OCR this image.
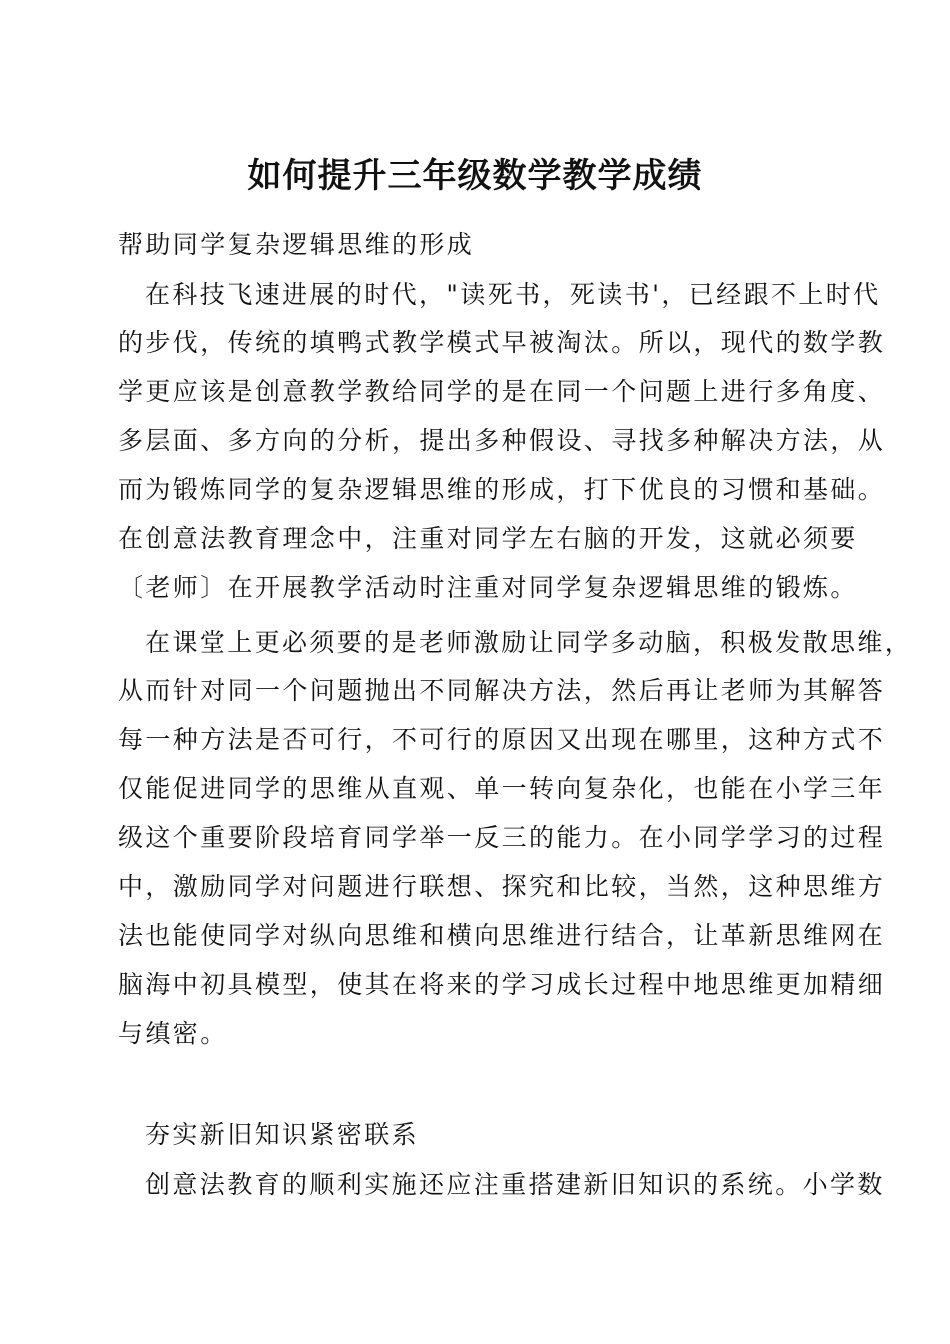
如何提升三年级数学教学成绩
帮助同学复杂逻辑思维的形成
在科技飞速进展的时代，"读死书，死读书'，已经跟不上时代
的步伐，传统的填鸭式教学模式早被淘汰。所以，现代的数学教
学更应该是创意教学教给同学的是在同一个问题上进行多角度、
多层面、多方向的分析，提出多种假设、寻找多种解决方法，从
而为锻炼同学的复杂逻辑思维的形成，打下优良的习惯和基础。
在创意法教育理念中，注重对同学左右脑的开发，这就必须要
〔老师〕在开展教学活动时注重对同学复杂逻辑思维的锻炼。
在课堂上更必须要的是老师激励让同学多动脑，积极发散思维，
从而针对同一个问题抛出不同解决方法，然后再让老师为其解答
每一种方法是否可行，不可行的原因又出现在哪里，这种方式不
仅能促进同学的思维从直观、单一转向复杂化，也能在小学三年
级这个重要阶段培育同学举一反三的能力。在小同学学习的过程
中，激励同学对问题进行联想、探究和比较，当然，这种思维方
法也能使同学对纵向思维和横向思维进行结合，让革新思维网在
脑海中初具模型，使其在将来的学习成长过程中地思维更加精细
与缜密。
夯实新旧知识紧密联系
创意法教育的顺利实施还应注重搭建新旧知识的系统。小学数
